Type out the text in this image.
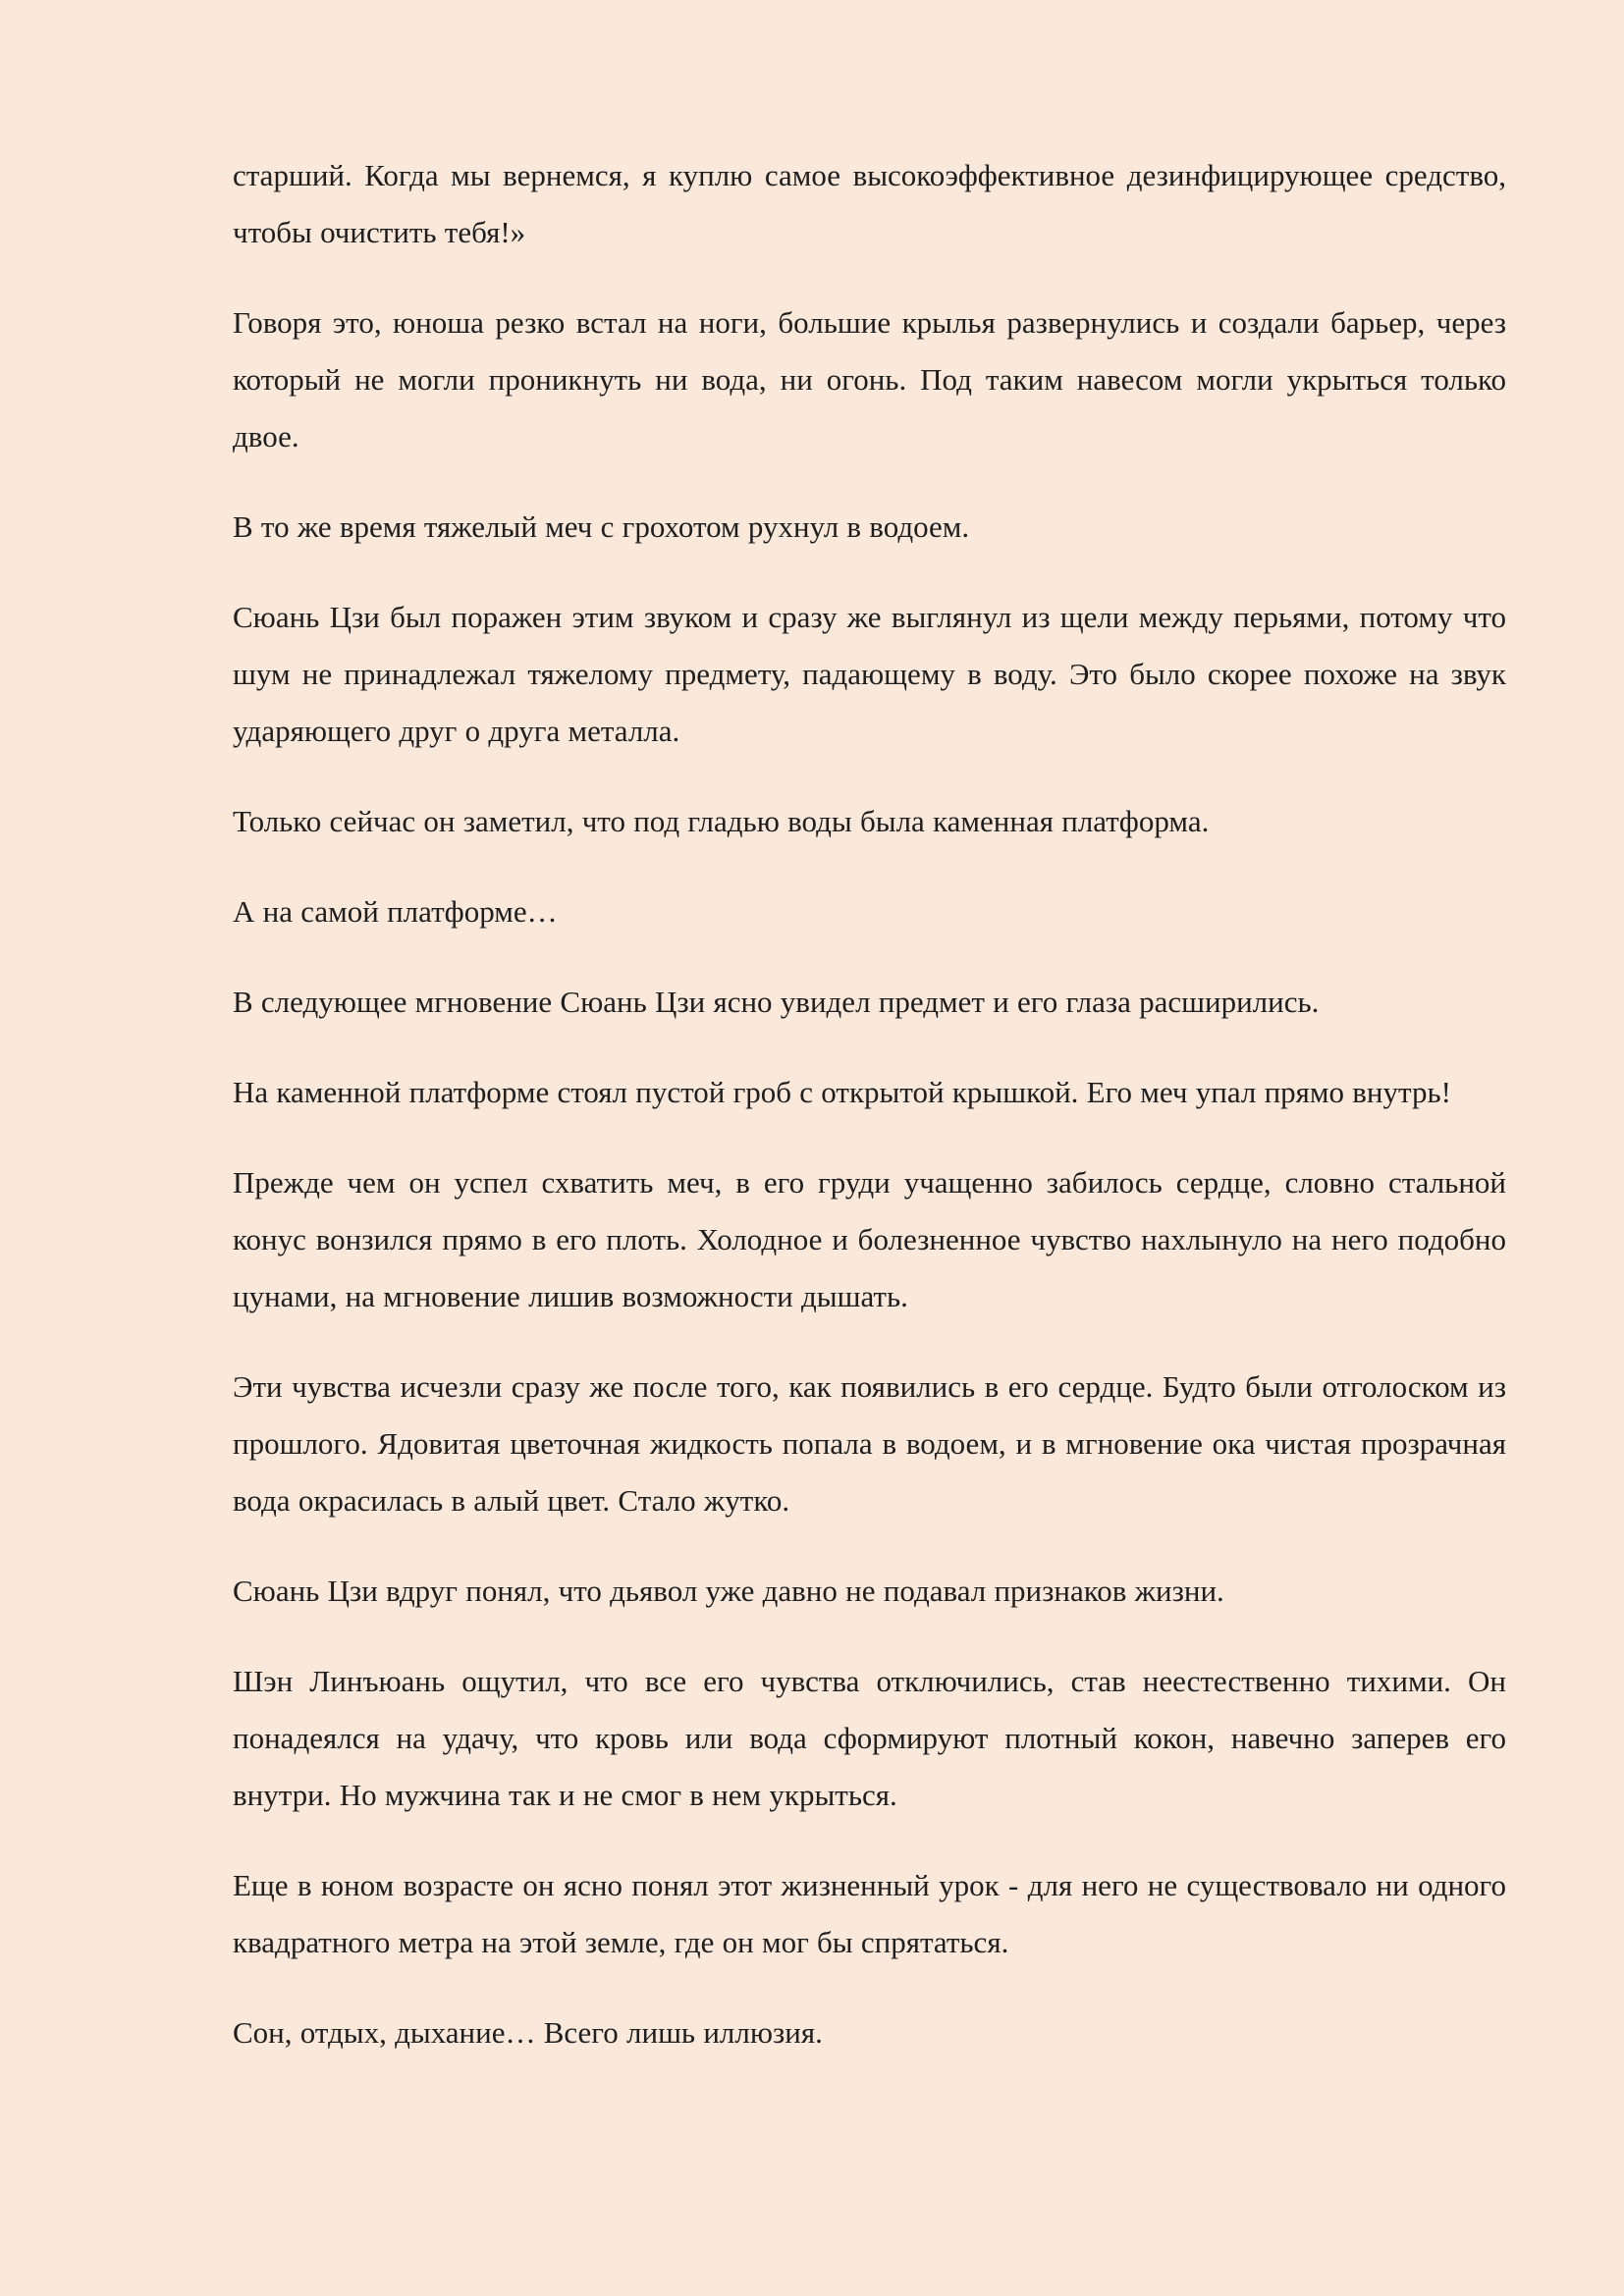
старший. Когда мы вернемся, я куплю самое высокоэффективное дезинфицирующее средство, чтобы очистить тебя!»

Говоря это, юноша резко встал на ноги, большие крылья развернулись и создали барьер, через который не могли проникнуть ни вода, ни огонь. Под таким навесом могли укрыться только двое.

В то же время тяжелый меч с грохотом рухнул в водоем.

Сюань Цзи был поражен этим звуком и сразу же выглянул из щели между перьями, потому что шум не принадлежал тяжелому предмету, падающему в воду. Это было скорее похоже на звук ударяющего друг о друга металла.

Только сейчас он заметил, что под гладью воды была каменная платформа.

А на самой платформе…

В следующее мгновение Сюань Цзи ясно увидел предмет и его глаза расширились.

На каменной платформе стоял пустой гроб с открытой крышкой. Его меч упал прямо внутрь!

Прежде чем он успел схватить меч, в его груди учащенно забилось сердце, словно стальной конус вонзился прямо в его плоть. Холодное и болезненное чувство нахлынуло на него подобно цунами, на мгновение лишив возможности дышать.

Эти чувства исчезли сразу же после того, как появились в его сердце. Будто были отголоском из прошлого. Ядовитая цветочная жидкость попала в водоем, и в мгновение ока чистая прозрачная вода окрасилась в алый цвет. Стало жутко.

Сюань Цзи вдруг понял, что дьявол уже давно не подавал признаков жизни.

Шэн Линъюань ощутил, что все его чувства отключились, став неестественно тихими. Он понадеялся на удачу, что кровь или вода сформируют плотный кокон, навечно заперев его внутри. Но мужчина так и не смог в нем укрыться.

Еще в юном возрасте он ясно понял этот жизненный урок - для него не существовало ни одного квадратного метра на этой земле, где он мог бы спрятаться.

Сон, отдых, дыхание… Всего лишь иллюзия.
